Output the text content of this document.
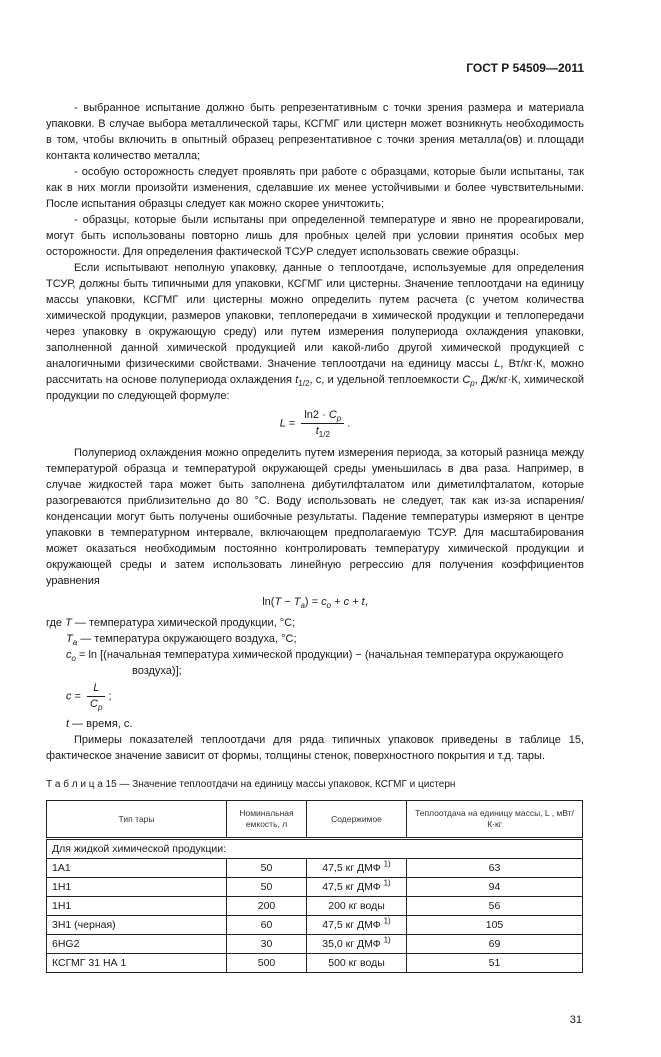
ГОСТ Р 54509—2011

- выбранное испытание должно быть репрезентативным с точки зрения размера и материала упаковки. В случае выбора металлической тары, КСГМГ или цистерн может возникнуть необходимость в том, чтобы включить в опытный образец репрезентативное с точки зрения металла(ов) и площади контакта количество металла;

- особую осторожность следует проявлять при работе с образцами, которые были испытаны, так как в них могли произойти изменения, сделавшие их менее устойчивыми и более чувствительными. После испытания образцы следует как можно скорее уничтожить;

- образцы, которые были испытаны при определенной температуре и явно не прореагировали, могут быть использованы повторно лишь для пробных целей при условии принятия особых мер осторожности. Для определения фактической ТСУР следует использовать свежие образцы.

Если испытывают неполную упаковку, данные о теплоотдаче, используемые для определения ТСУР, должны быть типичными для упаковки, КСГМГ или цистерны. Значение теплоотдачи на единицу массы упаковки, КСГМГ или цистерны можно определить путем расчета (с учетом количества химической продукции, размеров упаковки, теплопередачи в химической продукции и теплопередачи через упаковку в окружающую среду) или путем измерения полупериода охлаждения упаковки, заполненной данной химической продукцией или какой-либо другой химической продукцией с аналогичными физическими свойствами. Значение теплоотдачи на единицу массы L, Вт/кг·К, можно рассчитать на основе полупериода охлаждения $t_{1/2}$, с, и удельной теплоемкости $C_p$, Дж/кг·К, химической продукции по следующей формуле:

$L = \frac{\ln 2 \cdot C_p}{t_{1/2}}$ .

Полупериод охлаждения можно определить путем измерения периода, за который разница между температурой образца и температурой окружающей среды уменьшилась в два раза. Например, в случае жидкостей тара может быть заполнена дибутилфталатом или диметилфталатом, которые разогреваются приблизительно до 80 °С. Воду использовать не следует, так как из-за испарения/конденсации могут быть получены ошибочные результаты. Падение температуры измеряют в центре упаковки в температурном интервале, включающем предполагаемую ТСУР. Для масштабирования может оказаться необходимым постоянно контролировать температуру химической продукции и окружающей среды и затем использовать линейную регрессию для получения коэффициентов уравнения

$\ln(T - T_a) = c_o + c + t$,

где T — температура химической продукции, °С;
$T_a$ — температура окружающего воздуха, °С;
$c_o = \ln$ [(начальная температура химической продукции) − (начальная температура окружающего
воздуха)];
$c = \frac{L}{C_p}$ ;
t — время, с.

Примеры показателей теплоотдачи для ряда типичных упаковок приведены в таблице 15, фактическое значение зависит от формы, толщины стенок, поверхностного покрытия и т.д. тары.

Т а б л и ц а 15 — Значение теплоотдачи на единицу массы упаковок, КСГМГ и цистерн
Тип тары	Номинальная емкость, л	Содержимое	Теплоотдача на единицу массы, L , мВт/К·кг
Для жидкой химической продукции:			
1А1	50	47,5 кг ДМФ $^{1)}$	63
1Н1	50	47,5 кг ДМФ $^{1)}$	94
1Н1	200	200 кг воды	56
3Н1 (черная)	60	47,5 кг ДМФ $^{1)}$	105
6HG2	30	35,0 кг ДМФ $^{1)}$	69
КСГМГ 31 НА 1	500	500 кг воды	51
31
